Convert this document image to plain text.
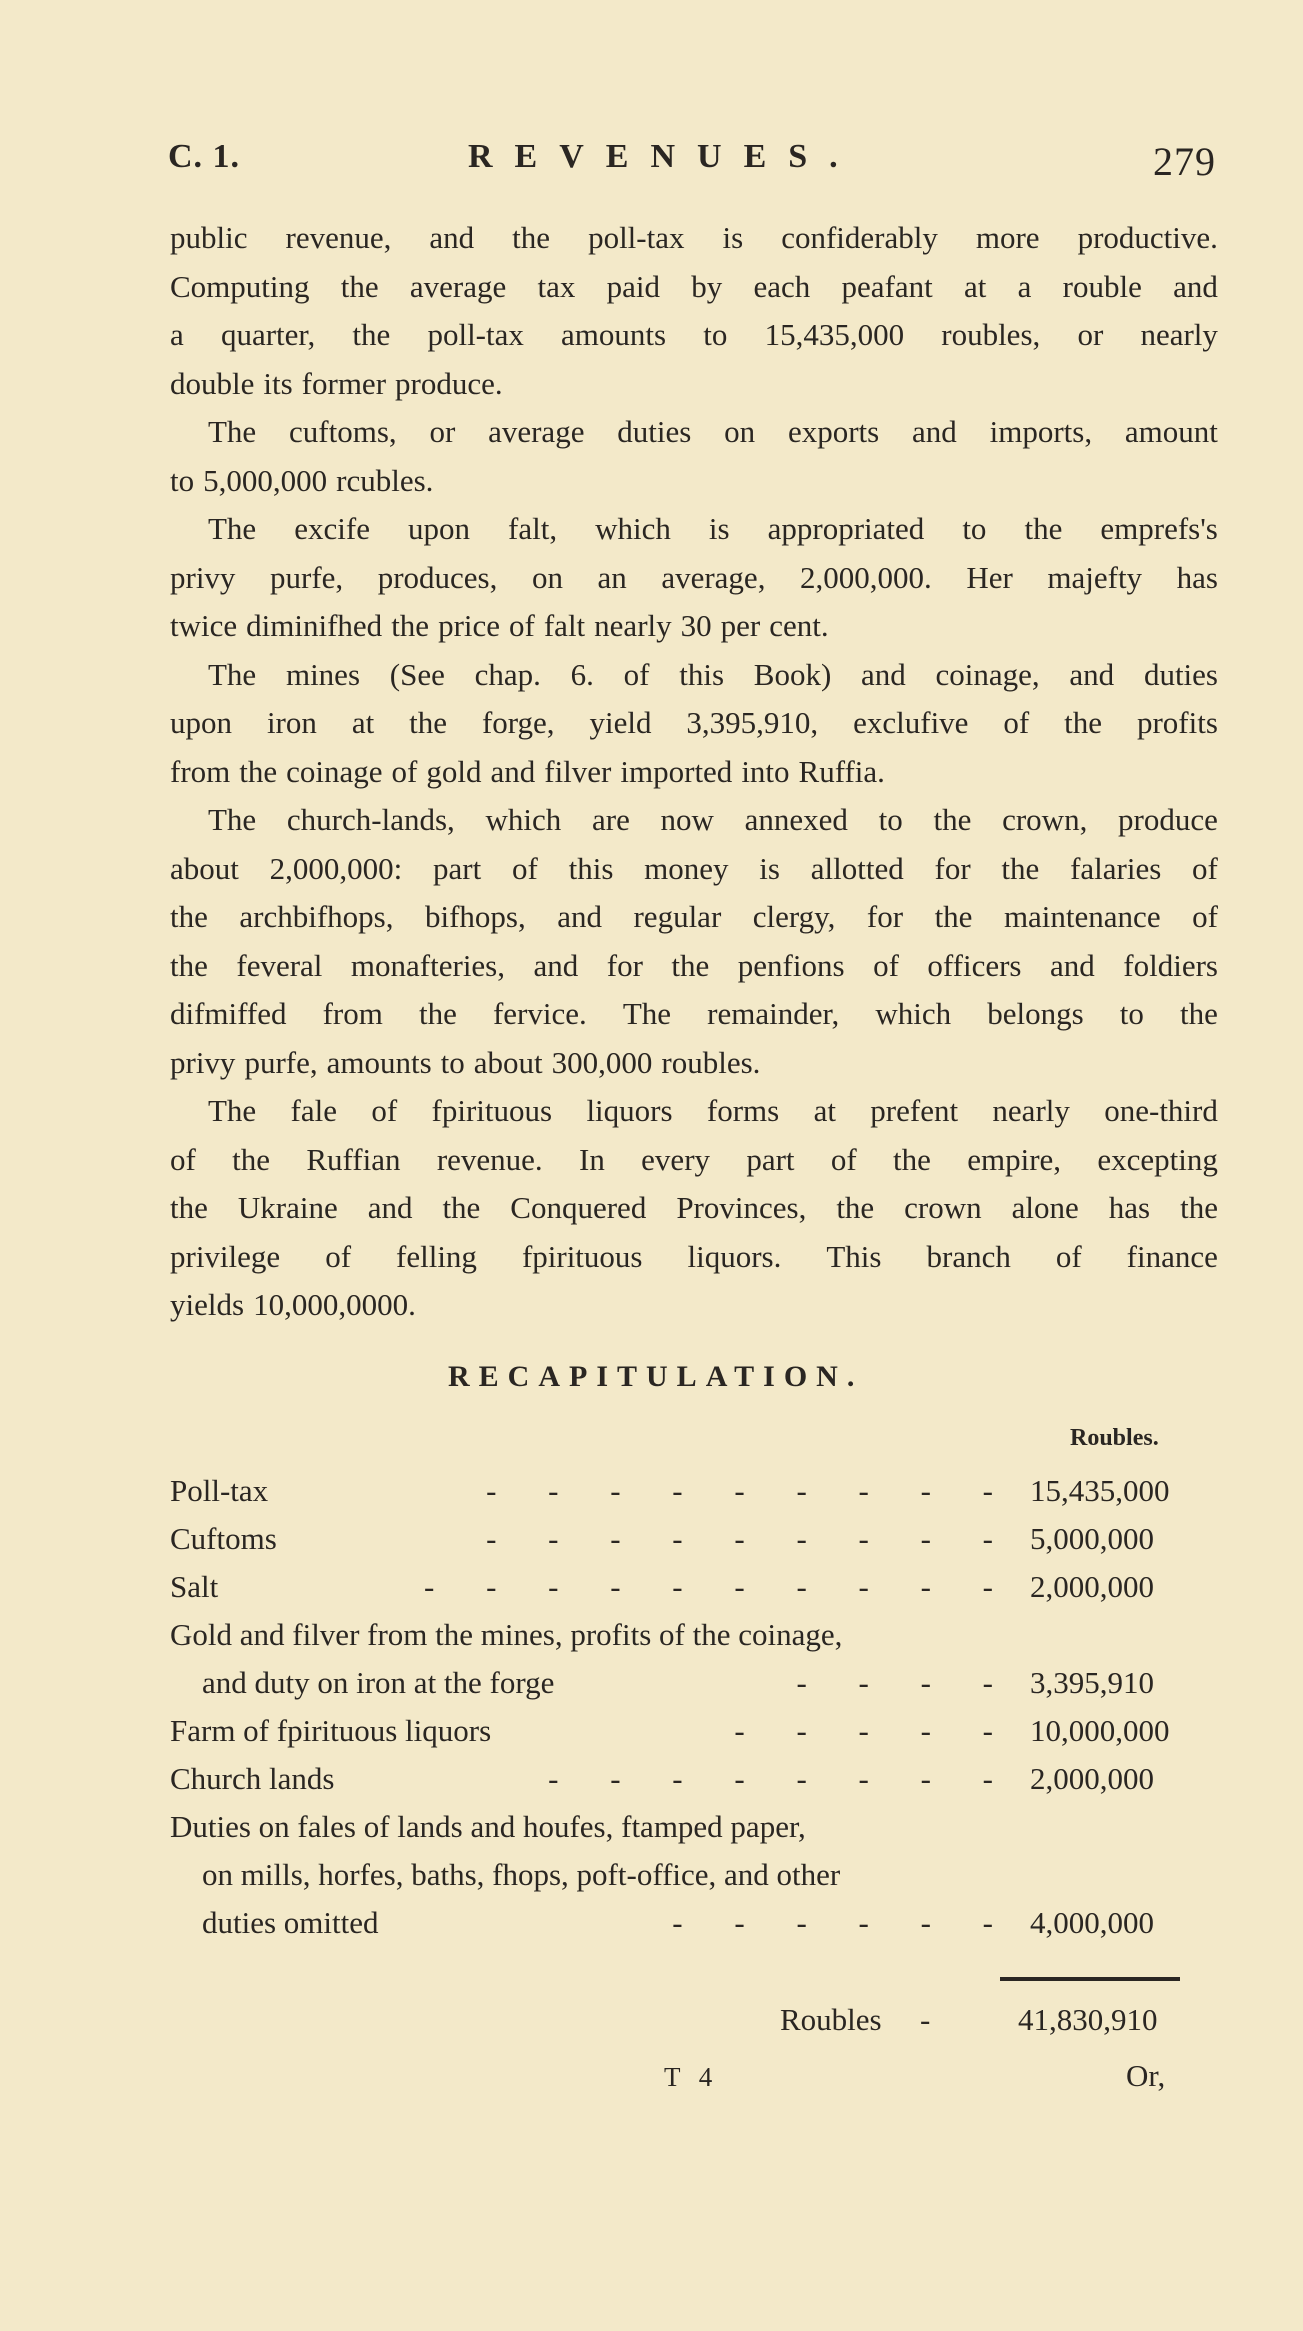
C. 1.	REVENUES.	279
public revenue, and the poll-tax is confiderably more productive.
Computing the average tax paid by each peafant at a rouble and
a quarter, the poll-tax amounts to 15,435,000 roubles, or nearly
double its former produce.
The cuftoms, or average duties on exports and imports, amount
to 5,000,000 rcubles.
The excife upon falt, which is appropriated to the emprefs's
privy purfe, produces, on an average, 2,000,000. Her majefty has
twice diminifhed the price of falt nearly 30 per cent.
The mines (See chap. 6. of this Book) and coinage, and duties
upon iron at the forge, yield 3,395,910, exclufive of the profits
from the coinage of gold and filver imported into Ruffia.
The church-lands, which are now annexed to the crown, produce
about 2,000,000: part of this money is allotted for the falaries of
the archbifhops, bifhops, and regular clergy, for the maintenance of
the feveral monafteries, and for the penfions of officers and foldiers
difmiffed from the fervice. The remainder, which belongs to the
privy purfe, amounts to about 300,000 roubles.
The fale of fpirituous liquors forms at prefent nearly one-third
of the Ruffian revenue. In every part of the empire, excepting
the Ukraine and the Conquered Provinces, the crown alone has the
privilege of felling fpirituous liquors. This branch of finance
yields 10,000,0000.
RECAPITULATION.
Roubles.
Poll-tax	- - - - - - - - - 15,435,000
Cuftoms	- - - - - - - - - 5,000,000
Salt	- - - - - - - - - - 2,000,000
Gold and filver from the mines, profits of the coinage,
and duty on iron at the forge	- - - - 3,395,910
Farm of fpirituous liquors	- - - - - 10,000,000
Church lands	- - - - - - - - 2,000,000
Duties on fales of lands and houfes, ftamped paper,
on mills, horfes, baths, fhops, poft-office, and other
duties omitted	- - - - - - 4,000,000
Roubles -	41,830,910
T 4	Or,
